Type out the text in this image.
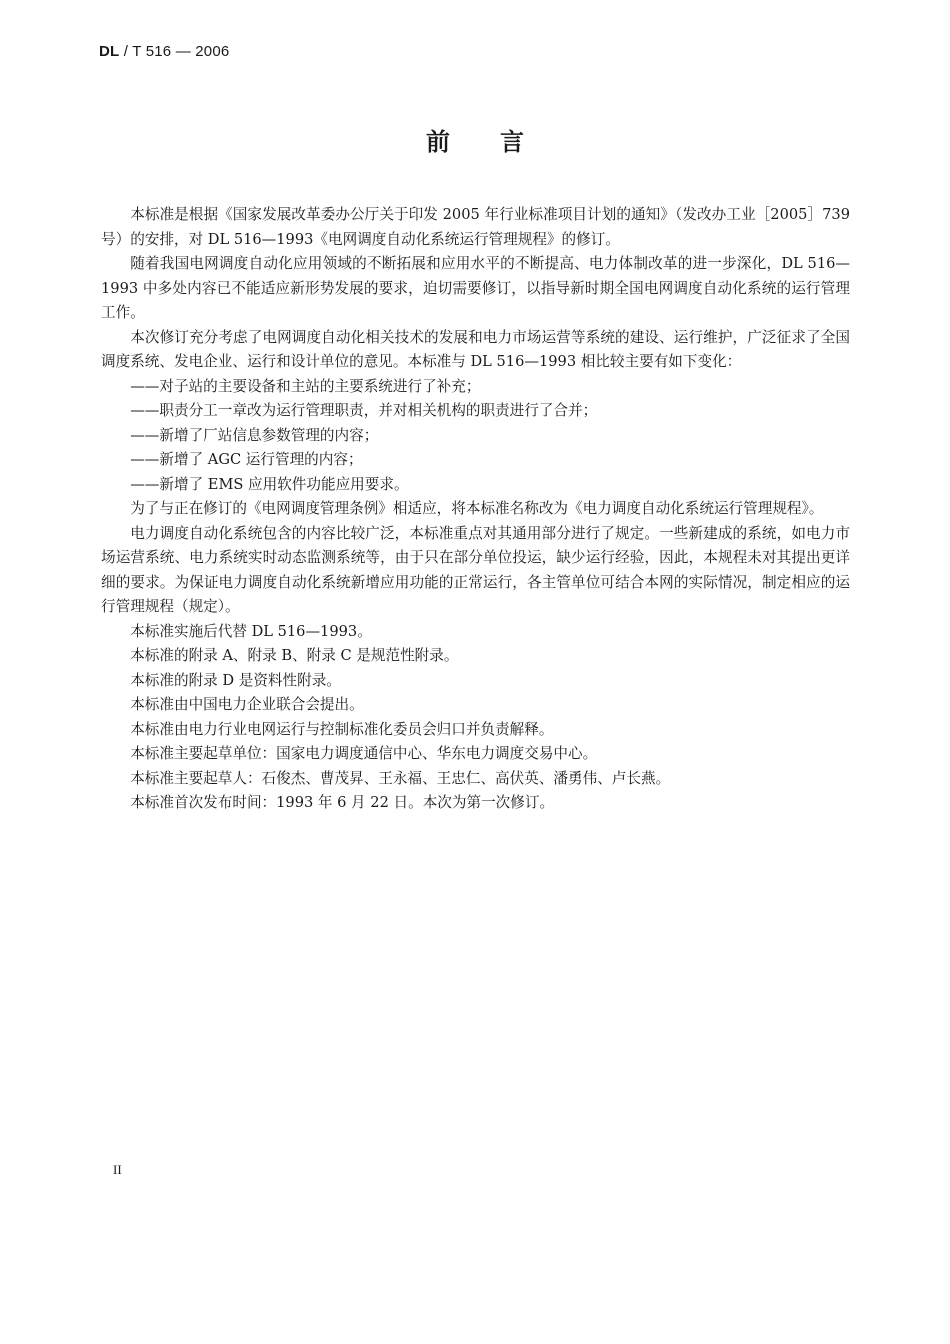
DL / T 516 — 2006
前 言

本标准是根据《国家发展改革委办公厅关于印发 2005 年行业标准项目计划的通知》（发改办工业［2005］739 号）的安排，对 DL 516—1993《电网调度自动化系统运行管理规程》的修订。

随着我国电网调度自动化应用领域的不断拓展和应用水平的不断提高、电力体制改革的进一步深化，DL 516—1993 中多处内容已不能适应新形势发展的要求，迫切需要修订，以指导新时期全国电网调度自动化系统的运行管理工作。

本次修订充分考虑了电网调度自动化相关技术的发展和电力市场运营等系统的建设、运行维护，广泛征求了全国调度系统、发电企业、运行和设计单位的意见。本标准与 DL 516—1993 相比较主要有如下变化：

——对子站的主要设备和主站的主要系统进行了补充；

——职责分工一章改为运行管理职责，并对相关机构的职责进行了合并；

——新增了厂站信息参数管理的内容；

——新增了 AGC 运行管理的内容；

——新增了 EMS 应用软件功能应用要求。

为了与正在修订的《电网调度管理条例》相适应，将本标准名称改为《电力调度自动化系统运行管理规程》。

电力调度自动化系统包含的内容比较广泛，本标准重点对其通用部分进行了规定。一些新建成的系统，如电力市场运营系统、电力系统实时动态监测系统等，由于只在部分单位投运，缺少运行经验，因此，本规程未对其提出更详细的要求。为保证电力调度自动化系统新增应用功能的正常运行，各主管单位可结合本网的实际情况，制定相应的运行管理规程（规定）。

本标准实施后代替 DL 516—1993。

本标准的附录 A、附录 B、附录 C 是规范性附录。

本标准的附录 D 是资料性附录。

本标准由中国电力企业联合会提出。

本标准由电力行业电网运行与控制标准化委员会归口并负责解释。

本标准主要起草单位：国家电力调度通信中心、华东电力调度交易中心。

本标准主要起草人：石俊杰、曹茂昇、王永福、王忠仁、高伏英、潘勇伟、卢长燕。

本标准首次发布时间：1993 年 6 月 22 日。本次为第一次修订。

II
